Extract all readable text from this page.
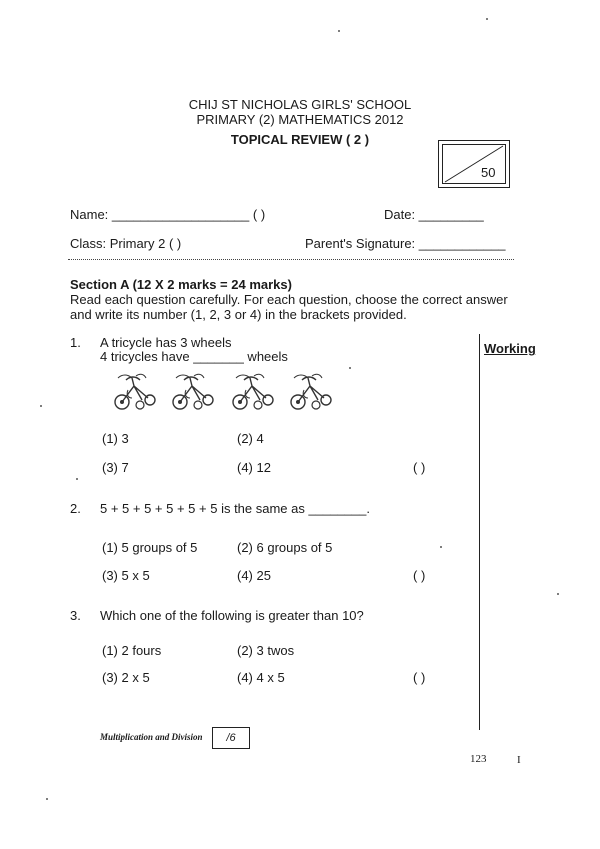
CHIJ ST NICHOLAS GIRLS' SCHOOL
PRIMARY (2) MATHEMATICS 2012
TOPICAL REVIEW ( 2 )
50
Name: ___________________ ( )	Date: _________
Class: Primary 2 ( )	Parent's Signature: ____________
Section A (12 X 2 marks = 24 marks)
Read each question carefully. For each question, choose the correct answer
and write its number (1, 2, 3 or 4) in the brackets provided.
Working
1. A tricycle has 3 wheels
4 tricycles have _______ wheels
(1) 3	(2) 4
(3) 7	(4) 12	( )
2. 5 + 5 + 5 + 5 + 5 + 5 is the same as ________.
(1) 5 groups of 5	(2) 6 groups of 5
(3) 5 x 5	(4) 25	( )
3. Which one of the following is greater than 10?
(1) 2 fours	(2) 3 twos
(3) 2 x 5	(4) 4 x 5	( )
Multiplication and Division	/6
123	I
